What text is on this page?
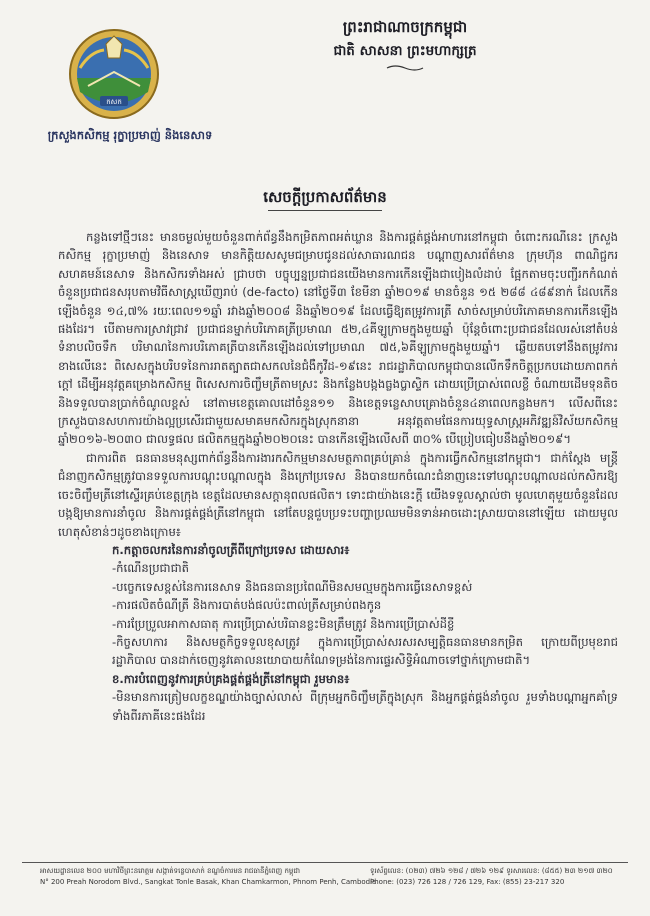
កសក
ក្រសួងកសិកម្ម រុក្ខាប្រមាញ់ និងនេសាទ
ព្រះរាជាណាចក្រកម្ពុជា
ជាតិ សាសនា ព្រះមហាក្សត្រ
សេចក្តីប្រកាសព័ត៌មាន

កន្លងទៅថ្មីៗនេះ មានចម្ងល់មួយចំនួនពាក់ព័ន្ធនឹងកម្រិតភាពអត់ឃ្លាន និងការផ្គត់ផ្គង់អាហារនៅកម្ពុជា ចំពោះករណីនេះ ក្រសួងកសិកម្ម រុក្ខាប្រមាញ់ និងនេសាទ មានកិត្តិយសសូមជម្រាបជូនដល់សាធារណជន បណ្តាញសារព័ត៌មាន ក្រុមហ៊ុន ពាណិជ្ជករ សហគមន៍នេសាទ និងកសិករទាំងអស់ ជ្រាបថា បច្ចុប្បន្នប្រជាជនយើងមានការកើនឡើងជាបៀងលំដាប់ ផ្អែកតាមចុះបញ្ជីរកកំណត់ចំនួនប្រជាជនសរុបតាមវិធីសាស្រ្តឃើញរាប់ (de-facto) នៅថ្ងៃទី៣ ខែមីនា ឆ្នាំ២០១៩ មានចំនួន ១៥ ២៨៨ ៤៨៩នាក់ ដែលកើនឡើងចំនួន ១៤,៧% រយៈពេល១១ឆ្នាំ រវាងឆ្នាំ២០០៨ និងឆ្នាំ២០១៩ ដែលធ្វើឱ្យតម្រូវការត្រី សាច់សម្រាប់បរិភោគមានការកើនឡើងផងដែរ។ បើតាមការស្រាវជ្រាវ ប្រជាជនម្នាក់បរិភោគត្រីប្រមាណ ៥២,៤គីឡូក្រាមក្នុងមួយឆ្នាំ ប៉ុន្តែចំពោះប្រជាជនដែលរស់នៅតំបន់ទំនាបលិចទឹក បរិមាណនៃការបរិភោគត្រីបានកើនឡើងដល់ទៅប្រមាណ ៧៥,៦គីឡូក្រាមក្នុងមួយឆ្នាំ។ ឆ្លើយតបទៅនឹងតម្រូវការខាងលើនេះ ពិសេសក្នុងបរិបទនៃការរាតត្បាតជាសកលនៃជំងឺកូវីដ-១៩នេះ រាជរដ្ឋាភិបាលកម្ពុជាបានលើកទឹកចិត្តប្រកបដោយភាពកក់ក្តៅ ដើម្បីអនុវត្តគម្រោងកសិកម្ម ពិសេសការចិញ្ចឹមត្រីតាមស្រះ និងកន្លែងបង្កងធ្លងប្លាស្ទិក ដោយប្រើប្រាស់ពេលខ្លី ចំណាយដើមទុនតិច និងទទួលបានប្រាក់ចំណូលខ្ពស់ នៅតាមខេត្តគោលដៅចំនួន១១ និងខេត្តទន្លេសាបគ្រោងចំនួន៤នាពេលកន្លងមក។ លើសពីនេះ ក្រសួងបានសហការយ៉ាងល្អប្រសើរជាមួយសមាគមកសិករក្នុងស្រុកនានា អនុវត្តតាមផែនការយុទ្ធសាស្រ្តអភិវឌ្ឍន៍វិស័យកសិកម្មឆ្នាំ២០១៦-២០៣០ ជាលទ្ធផល ផលិតកម្មក្នុងឆ្នាំ២០២០នេះ បានកើនឡើងលើសពី ៣០% បើប្រៀបធៀបនឹងឆ្នាំ២០១៩។

ជាការពិត ធនធានមនុស្សពាក់ព័ន្ធនឹងការងារកសិកម្មមានសមត្ថភាពគ្រប់គ្រាន់ ក្នុងការធ្វើកសិកម្មនៅកម្ពុជា។ ជាក់ស្តែង មន្ត្រីជំនាញកសិកម្មត្រូវបានទទួលការបណ្តុះបណ្តាលក្នុង និងក្រៅប្រទេស និងបានយកចំណេះជំនាញនេះទៅបណ្តុះបណ្តាលដល់កសិករឱ្យចេះចិញ្ចឹមត្រីនៅស្ទើរគ្រប់ខេត្តក្រុង ខេត្តដែលមានសក្តានុពលផលិត។ ទោះជាយ៉ាងនេះក្តី យើងទទួលស្គាល់ថា មូលហេតុមួយចំនួនដែលបង្កឱ្យមានការនាំចូល និងការផ្គត់ផ្គង់ត្រីនៅកម្ពុជា នៅតែបន្តជួបប្រទះបញ្ហាប្រឈមមិនទាន់អាចដោះស្រាយបាននៅឡើយ ដោយមូលហេតុសំខាន់ៗដូចខាងក្រោម៖

ក.កត្តាចលករនៃការនាំចូលត្រីពីក្រៅប្រទេស ដោយសារ៖

-កំណើនប្រជាជាតិ

-បច្ចេកទេសខ្ពស់នៃការនេសាទ និងធនធានប្រពៃណីមិនសមល្មមក្នុងការធ្វើនេសាទខ្ពស់

-ការផលិតចំណីត្រី និងការបាត់បង់ផលប៉ះពាល់ត្រីសម្រាប់ពងកូន

-ការប្រែប្រួលអាកាសធាតុ ការប្រើប្រាស់បរិធានខ្លះមិនត្រឹមត្រូវ និងការប្រើប្រាស់ដីខ្លី

-កិច្ចសហការ និងសមត្ថកិច្ចទទួលខុសត្រូវ ក្នុងការប្រើប្រាស់សរសរសម្បត្តិធនធានមានកម្រិត ក្រោយពីប្រមុខរាជរដ្ឋាភិបាល បានដាក់ចេញនូវគោលនយោបាយកំណែទម្រង់នៃការផ្ទេរសិទ្ធិអំណាចទៅថ្នាក់ក្រោមជាតិ។

ខ.ការបំពេញនូវការគ្រប់គ្រងផ្គត់ផ្គង់ត្រីនៅកម្ពុជា រួមមាន៖

-មិនមានការត្រៀមលក្ខខណ្ឌយ៉ាងច្បាស់លាស់ ពីក្រុមអ្នកចិញ្ចឹមត្រីក្នុងស្រុក និងអ្នកផ្គត់ផ្គង់នាំចូល រួមទាំងបណ្តាអ្នកគាំទ្រទាំងពីរភាគីនេះផងដែរ

អាសយដ្ឋានលេខ ២០០ មហាវិថីព្រះនរោត្តម សង្កាត់ទន្លេបាសាក់ ខណ្ឌចំការមន រាជធានីភ្នំពេញ កម្ពុជា
N° 200 Preah Norodom Blvd., Sangkat Tonle Basak, Khan Chamkarmon, Phnom Penh, Cambodia
ទូរស័ព្ទលេខ: (០២៣) ៧២៦ ១២៨ / ៧២៦ ១២៩ ទូរសារលេខ: (៨៥៥) ២៣ ២១៧ ៣២០
Phone: (023) 726 128 / 726 129, Fax: (855) 23-217 320
